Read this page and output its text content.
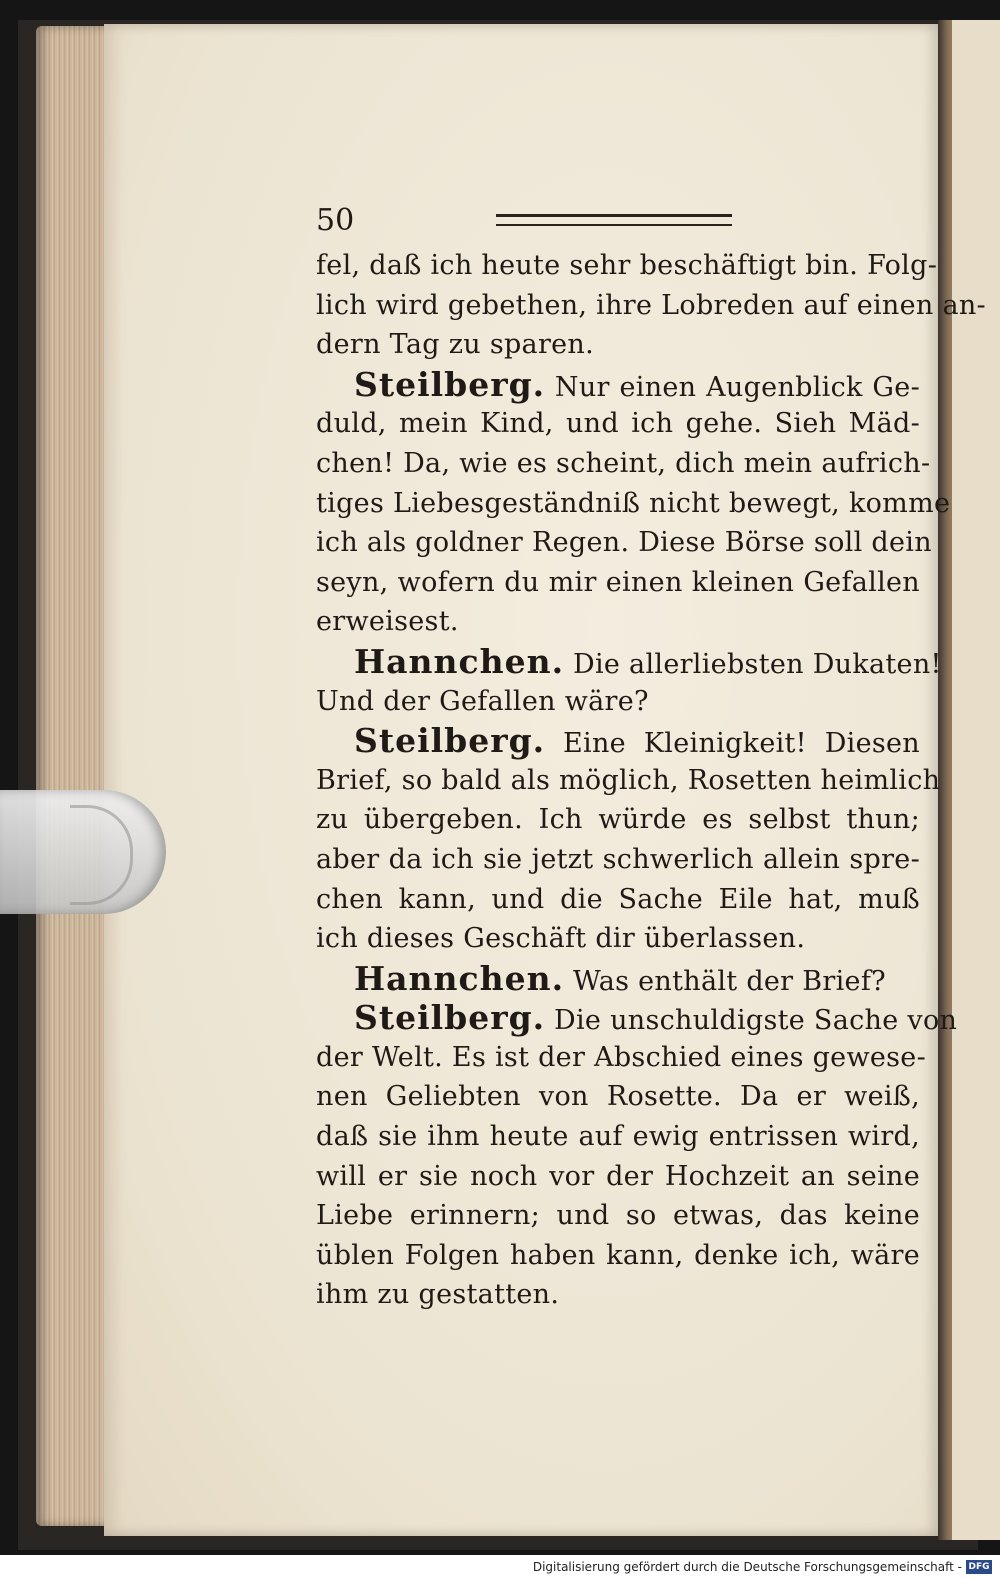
50
fel, daß ich heute sehr beschäftigt bin. Folg-
lich wird gebethen, ihre Lobreden auf einen an-
dern Tag zu sparen.
Steilberg. Nur einen Augenblick Ge-
duld, mein Kind, und ich gehe. Sieh Mäd-
chen! Da, wie es scheint, dich mein aufrich-
tiges Liebesgeständniß nicht bewegt, komme
ich als goldner Regen. Diese Börse soll dein
seyn, wofern du mir einen kleinen Gefallen
erweisest.
Hannchen. Die allerliebsten Dukaten!
Und der Gefallen wäre?
Steilberg. Eine Kleinigkeit! Diesen
Brief, so bald als möglich, Rosetten heimlich
zu übergeben. Ich würde es selbst thun;
aber da ich sie jetzt schwerlich allein spre-
chen kann, und die Sache Eile hat, muß
ich dieses Geschäft dir überlassen.
Hannchen. Was enthält der Brief?
Steilberg. Die unschuldigste Sache von
der Welt. Es ist der Abschied eines gewese-
nen Geliebten von Rosette. Da er weiß,
daß sie ihm heute auf ewig entrissen wird,
will er sie noch vor der Hochzeit an seine
Liebe erinnern; und so etwas, das keine
üblen Folgen haben kann, denke ich, wäre
ihm zu gestatten.
Digitalisierung gefördert durch die Deutsche Forschungsgemeinschaft - DFG
